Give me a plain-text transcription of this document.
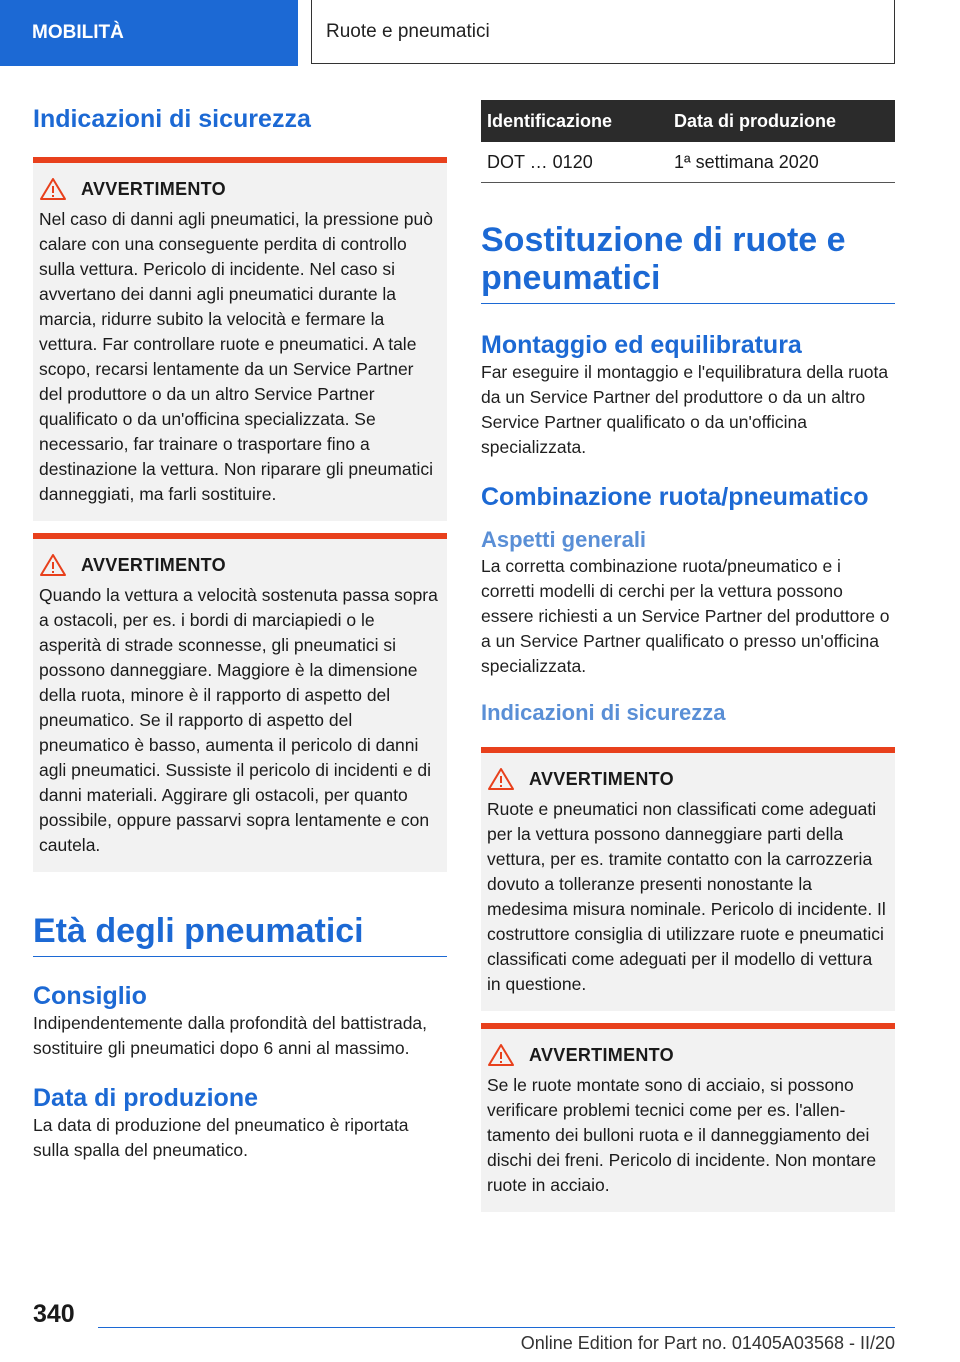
MOBILITÀ	Ruote e pneumatici
Indicazioni di sicurezza
AVVERTIMENTO

Nel caso di danni agli pneumatici, la pressione può calare con una conseguente perdita di controllo sulla vettura. Pericolo di incidente. Nel caso si avvertano dei danni agli pneumatici durante la marcia, ridurre subito la velocità e fermare la vettura. Far controllare ruote e pneumatici. A tale scopo, recarsi lentamente da un Service Partner del produttore o da un altro Service Partner qualificato o da un'officina specializzata. Se necessario, far trainare o trasportare fino a destinazione la vettura. Non riparare gli pneumatici danneggiati, ma farli sostituire.

AVVERTIMENTO

Quando la vettura a velocità sostenuta passa sopra a ostacoli, per es. i bordi di marciapiedi o le asperità di strade sconnesse, gli pneumatici si possono danneggiare. Maggiore è la dimensione della ruota, minore è il rapporto di aspetto del pneumatico. Se il rapporto di aspetto del pneumatico è basso, aumenta il pericolo di danni agli pneumatici. Sussiste il pericolo di incidenti e di danni materiali. Aggirare gli ostacoli, per quanto possibile, oppure passarvi sopra lentamente e con cautela.

Età degli pneumatici
Consiglio

Indipendentemente dalla profondità del battistrada, sostituire gli pneumatici dopo 6 anni al massimo.

Data di produzione

La data di produzione del pneumatico è riportata sulla spalla del pneumatico.

Identificazione	Data di produzione
DOT … 0120	1ª settimana 2020
Sostituzione di ruote e pneumatici
Montaggio ed equilibratura

Far eseguire il montaggio e l'equilibratura della ruota da un Service Partner del produttore o da un altro Service Partner qualificato o da un'officina specializzata.

Combinazione ruota/pneumatico
Aspetti generali

La corretta combinazione ruota/pneumatico e i corretti modelli di cerchi per la vettura possono essere richiesti a un Service Partner del produttore o a un Service Partner qualificato o presso un'officina specializzata.

Indicazioni di sicurezza
AVVERTIMENTO

Ruote e pneumatici non classificati come adeguati per la vettura possono danneggiare parti della vettura, per es. tramite contatto con la carrozzeria dovuto a tolleranze presenti nonostante la medesima misura nominale. Pericolo di incidente. Il costruttore consiglia di utilizzare ruote e pneumatici classificati come adeguati per il modello di vettura in questione.

AVVERTIMENTO

Se le ruote montate sono di acciaio, si possono verificare problemi tecnici come per es. l'allentamento dei bulloni ruota e il danneggiamento dei dischi dei freni. Pericolo di incidente. Non montare ruote in acciaio.

340
Online Edition for Part no. 01405A03568 - II/20
